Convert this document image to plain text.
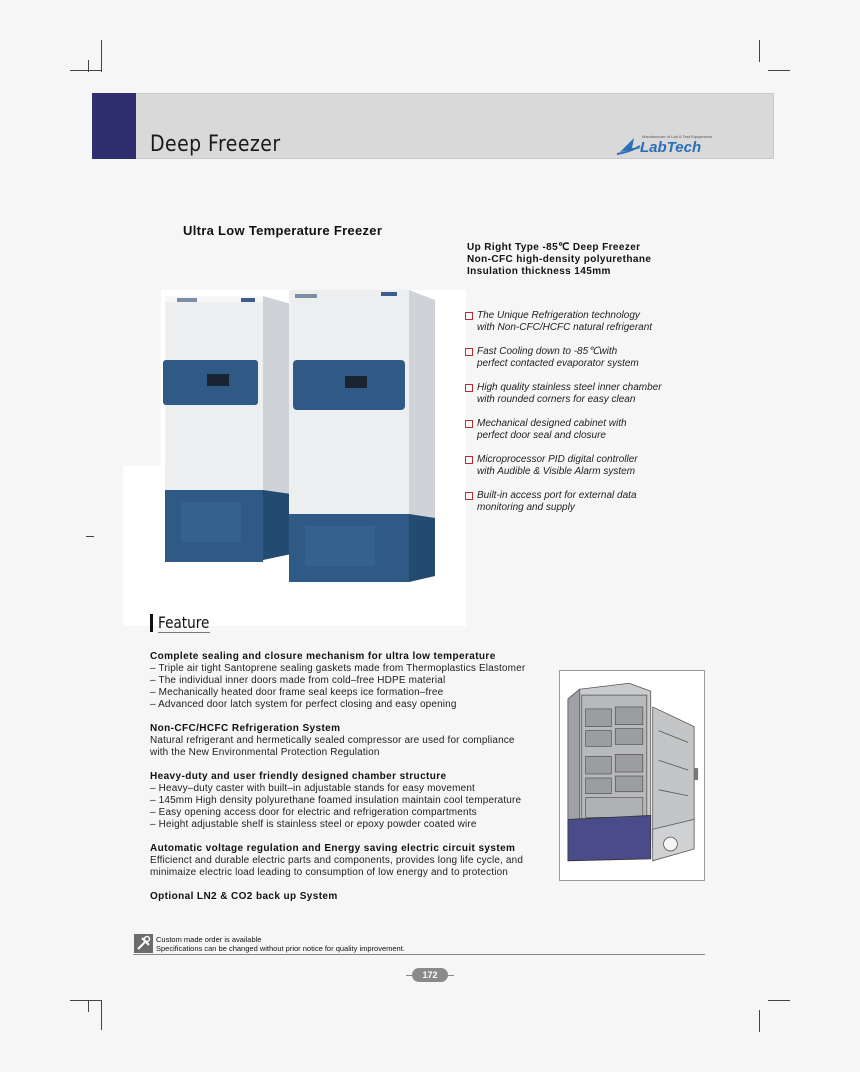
Deep Freezer	Manufacturer of Lab & Test Equipments
LabTech
Ultra Low Temperature Freezer
Up Right Type -85℃ Deep Freezer
Non-CFC high-density polyurethane
Insulation thickness 145mm
The Unique Refrigeration technology
with Non-CFC/HCFC natural refrigerant
Fast Cooling down to -85℃with
perfect contacted evaporator system
High quality stainless steel inner chamber
with rounded corners for easy clean
Mechanical designed cabinet with
perfect door seal and closure
Microprocessor PID digital controller
with Audible & Visible Alarm system
Built-in access port for external data
monitoring and supply
Feature
Complete sealing and closure mechanism for ultra low temperature
– Triple air tight Santoprene sealing gaskets made from Thermoplastics Elastomer
– The individual inner doors made from cold–free HDPE material
– Mechanically heated door frame seal keeps ice formation–free
– Advanced door latch system for perfect closing and easy opening
Non-CFC/HCFC Refrigeration System
Natural refrigerant and hermetically sealed compressor are used for compliance
with the New Environmental Protection Regulation
Heavy-duty and user friendly designed chamber structure
– Heavy–duty caster with built–in adjustable stands for easy movement
– 145mm High density polyurethane foamed insulation maintain cool temperature
– Easy opening access door for electric and refrigeration compartments
– Height adjustable shelf is stainless steel or epoxy powder coated wire
Automatic voltage regulation and Energy saving electric circuit system
Efficienct and durable electric parts and components, provides long life cycle, and
minimaize electric load leading to consumption of low energy and to protection
Optional LN2 & CO2 back up System
Custom made order is available
Specifications can be changed without prior notice for quality improvement.
172
